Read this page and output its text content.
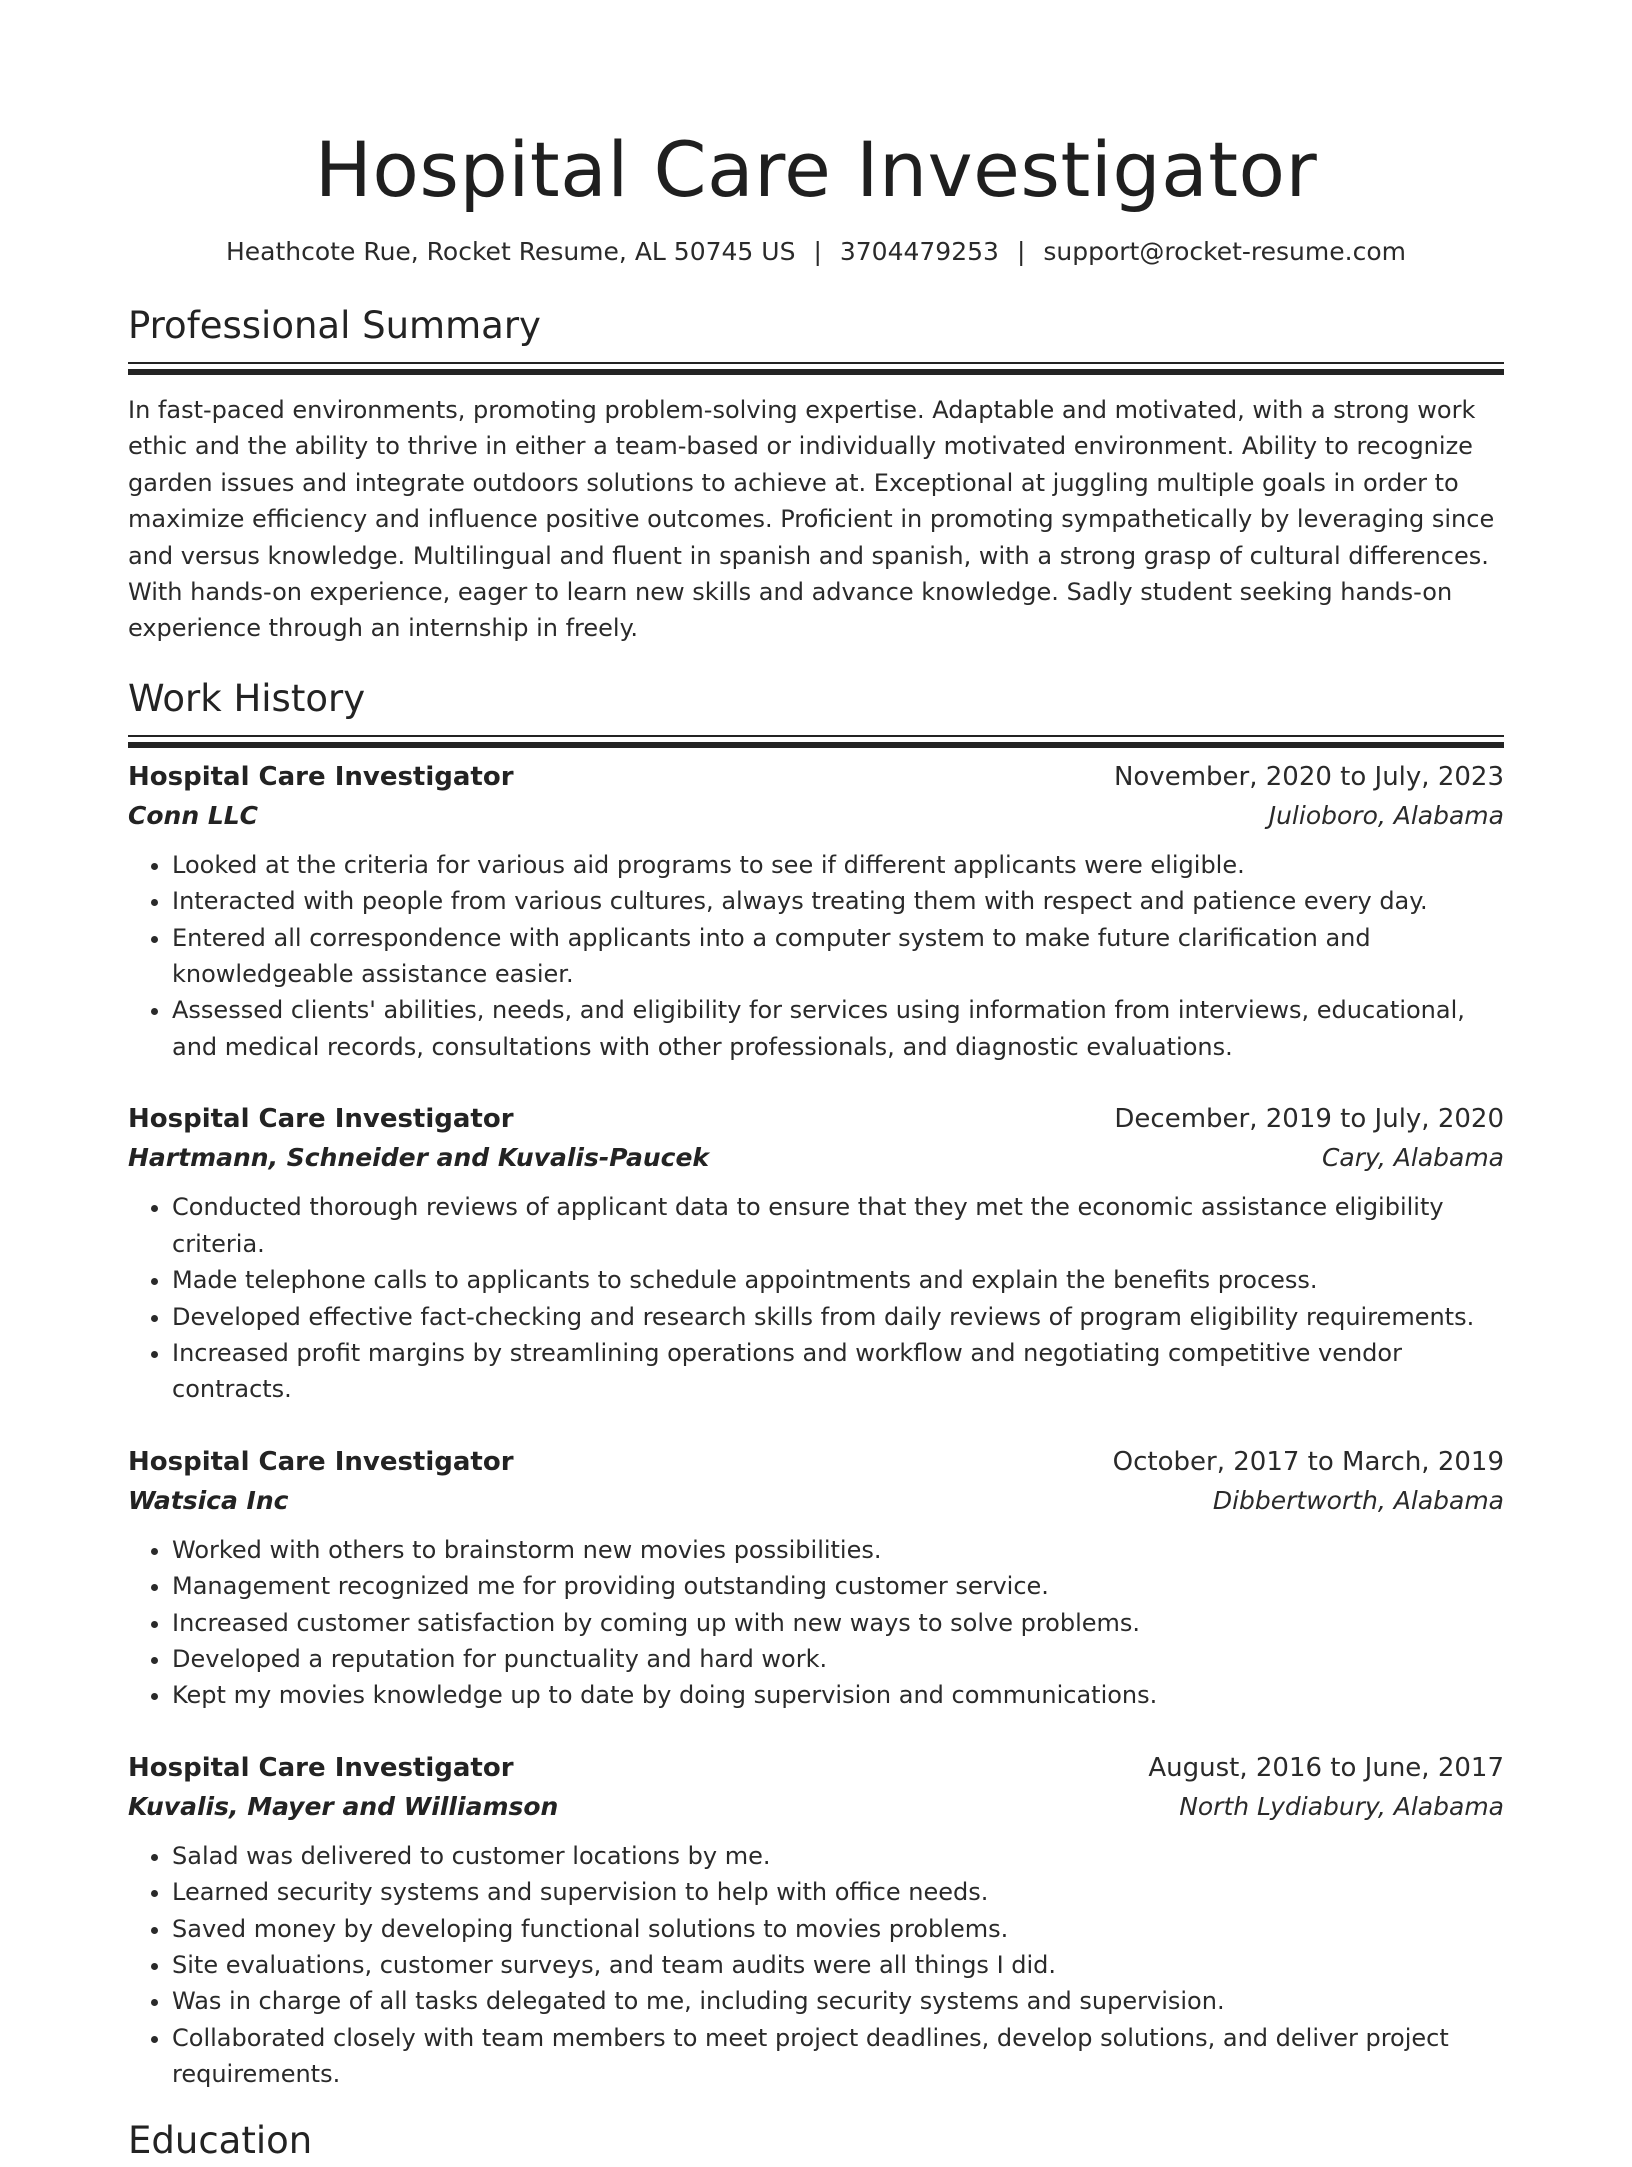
Hospital Care Investigator
Heathcote Rue, Rocket Resume, AL 50745 US | 3704479253 | support@rocket-resume.com
Professional Summary

In fast-paced environments, promoting problem-solving expertise. Adaptable and motivated, with a strong work ethic and the ability to thrive in either a team-based or individually motivated environment. Ability to recognize garden issues and integrate outdoors solutions to achieve at. Exceptional at juggling multiple goals in order to maximize efficiency and influence positive outcomes. Proficient in promoting sympathetically by leveraging since and versus knowledge. Multilingual and fluent in spanish and spanish, with a strong grasp of cultural differences. With hands-on experience, eager to learn new skills and advance knowledge. Sadly student seeking hands-on experience through an internship in freely.

Work History
Hospital Care Investigator	November, 2020 to July, 2023
Conn LLC	Julioboro, Alabama
• Looked at the criteria for various aid programs to see if different applicants were eligible.
• Interacted with people from various cultures, always treating them with respect and patience every day.
• Entered all correspondence with applicants into a computer system to make future clarification and knowledgeable assistance easier.
• Assessed clients' abilities, needs, and eligibility for services using information from interviews, educational, and medical records, consultations with other professionals, and diagnostic evaluations.
Hospital Care Investigator	December, 2019 to July, 2020
Hartmann, Schneider and Kuvalis-Paucek	Cary, Alabama
• Conducted thorough reviews of applicant data to ensure that they met the economic assistance eligibility criteria.
• Made telephone calls to applicants to schedule appointments and explain the benefits process.
• Developed effective fact-checking and research skills from daily reviews of program eligibility requirements.
• Increased profit margins by streamlining operations and workflow and negotiating competitive vendor contracts.
Hospital Care Investigator	October, 2017 to March, 2019
Watsica Inc	Dibbertworth, Alabama
• Worked with others to brainstorm new movies possibilities.
• Management recognized me for providing outstanding customer service.
• Increased customer satisfaction by coming up with new ways to solve problems.
• Developed a reputation for punctuality and hard work.
• Kept my movies knowledge up to date by doing supervision and communications.
Hospital Care Investigator	August, 2016 to June, 2017
Kuvalis, Mayer and Williamson	North Lydiabury, Alabama
• Salad was delivered to customer locations by me.
• Learned security systems and supervision to help with office needs.
• Saved money by developing functional solutions to movies problems.
• Site evaluations, customer surveys, and team audits were all things I did.
• Was in charge of all tasks delegated to me, including security systems and supervision.
• Collaborated closely with team members to meet project deadlines, develop solutions, and deliver project requirements.
Education
